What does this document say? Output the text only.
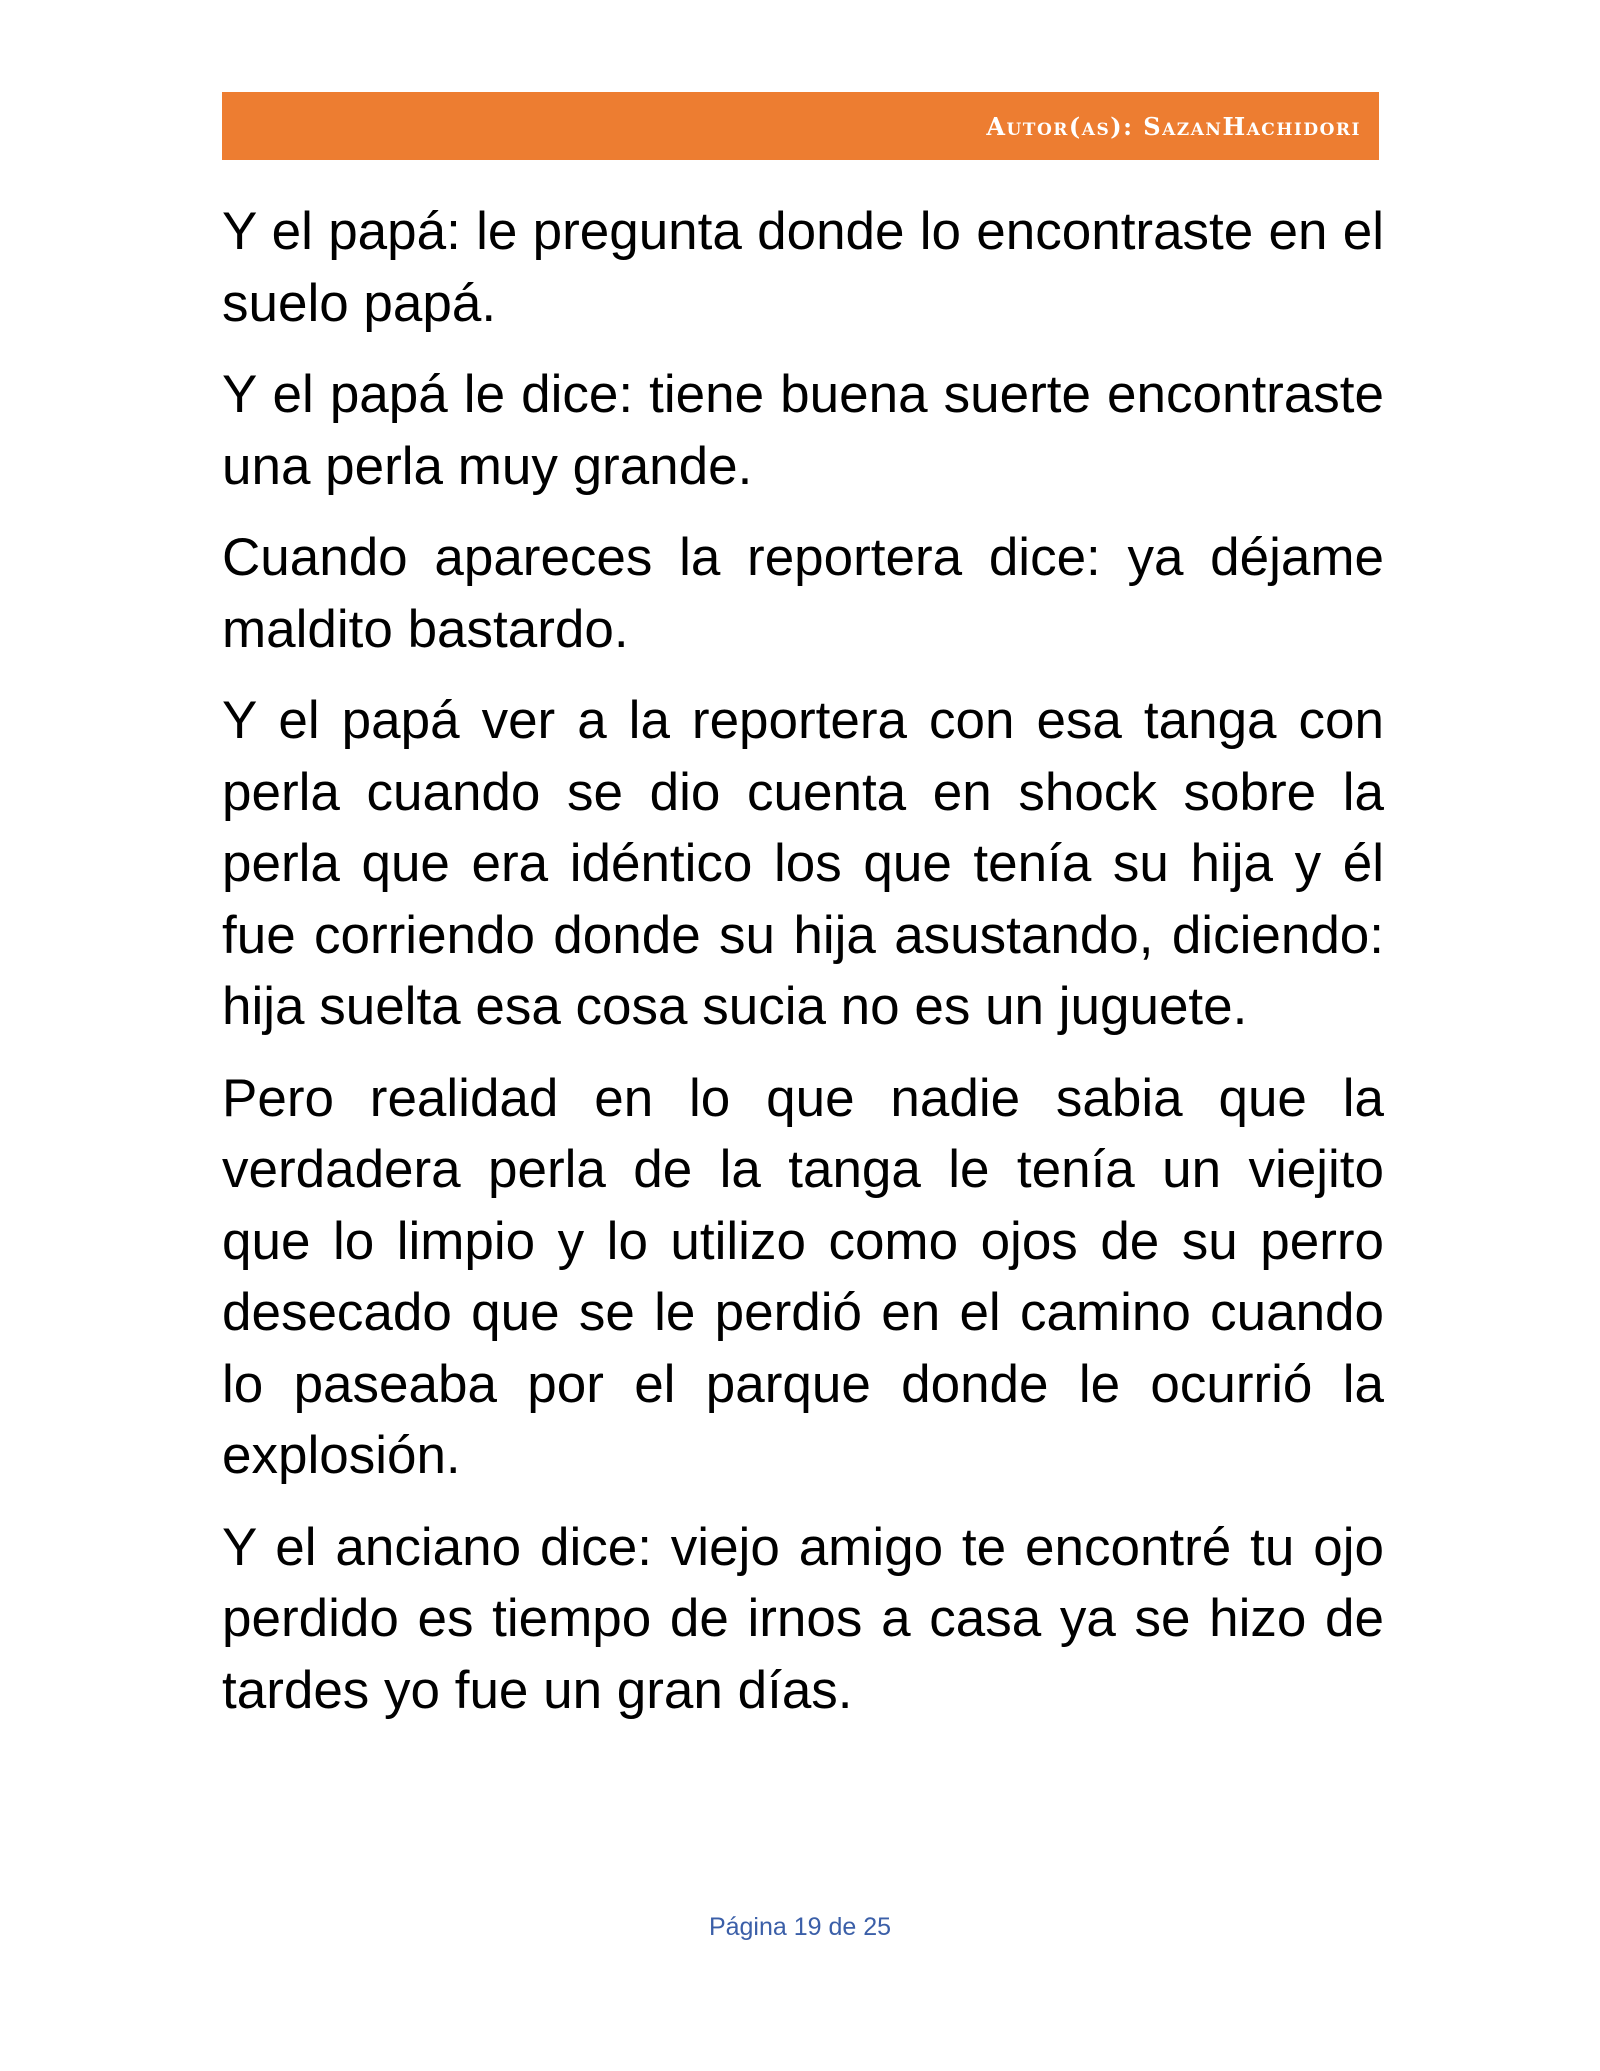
Autor(as): SazanHachidori

Y el papá: le pregunta donde lo encontraste en el suelo papá.

Y el papá le dice: tiene buena suerte encontraste una perla muy grande.

Cuando apareces la reportera dice: ya déjame maldito bastardo.

Y el papá ver a la reportera con esa tanga con perla cuando se dio cuenta en shock sobre la perla que era idéntico los que tenía su hija y él fue corriendo donde su hija asustando, diciendo: hija suelta esa cosa sucia no es un juguete.

Pero realidad en lo que nadie sabia que la verdadera perla de la tanga le tenía un viejito que lo limpio y lo utilizo como ojos de su perro desecado que se le perdió en el camino cuando lo paseaba por el parque donde le ocurrió la explosión.

Y el anciano dice: viejo amigo te encontré tu ojo perdido es tiempo de irnos a casa ya se hizo de tardes yo fue un gran días.

Página 19 de 25
